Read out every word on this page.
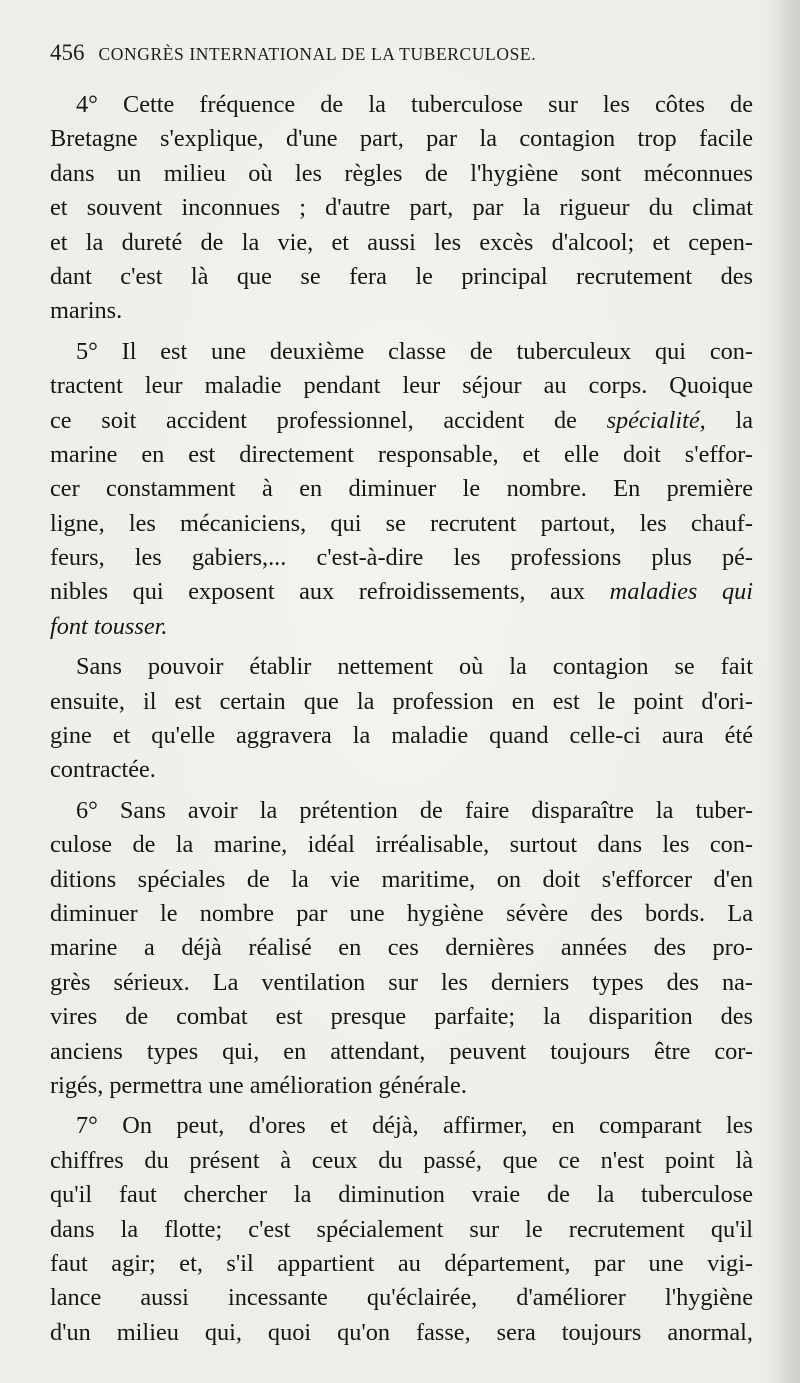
456 CONGRÈS INTERNATIONAL DE LA TUBERCULOSE.
4° Cette fréquence de la tuberculose sur les côtes de
Bretagne s'explique, d'une part, par la contagion trop facile
dans un milieu où les règles de l'hygiène sont méconnues
et souvent inconnues ; d'autre part, par la rigueur du climat
et la dureté de la vie, et aussi les excès d'alcool; et cepen-
dant c'est là que se fera le principal recrutement des
marins.
5° Il est une deuxième classe de tuberculeux qui con-
tractent leur maladie pendant leur séjour au corps. Quoique
ce soit accident professionnel, accident de spécialité, la
marine en est directement responsable, et elle doit s'effor-
cer constamment à en diminuer le nombre. En première
ligne, les mécaniciens, qui se recrutent partout, les chauf-
feurs, les gabiers,... c'est-à-dire les professions plus pé-
nibles qui exposent aux refroidissements, aux maladies qui
font tousser.
Sans pouvoir établir nettement où la contagion se fait
ensuite, il est certain que la profession en est le point d'ori-
gine et qu'elle aggravera la maladie quand celle-ci aura été
contractée.
6° Sans avoir la prétention de faire disparaître la tuber-
culose de la marine, idéal irréalisable, surtout dans les con-
ditions spéciales de la vie maritime, on doit s'efforcer d'en
diminuer le nombre par une hygiène sévère des bords. La
marine a déjà réalisé en ces dernières années des pro-
grès sérieux. La ventilation sur les derniers types des na-
vires de combat est presque parfaite; la disparition des
anciens types qui, en attendant, peuvent toujours être cor-
rigés, permettra une amélioration générale.
7° On peut, d'ores et déjà, affirmer, en comparant les
chiffres du présent à ceux du passé, que ce n'est point là
qu'il faut chercher la diminution vraie de la tuberculose
dans la flotte; c'est spécialement sur le recrutement qu'il
faut agir; et, s'il appartient au département, par une vigi-
lance aussi incessante qu'éclairée, d'améliorer l'hygiène
d'un milieu qui, quoi qu'on fasse, sera toujours anormal,
